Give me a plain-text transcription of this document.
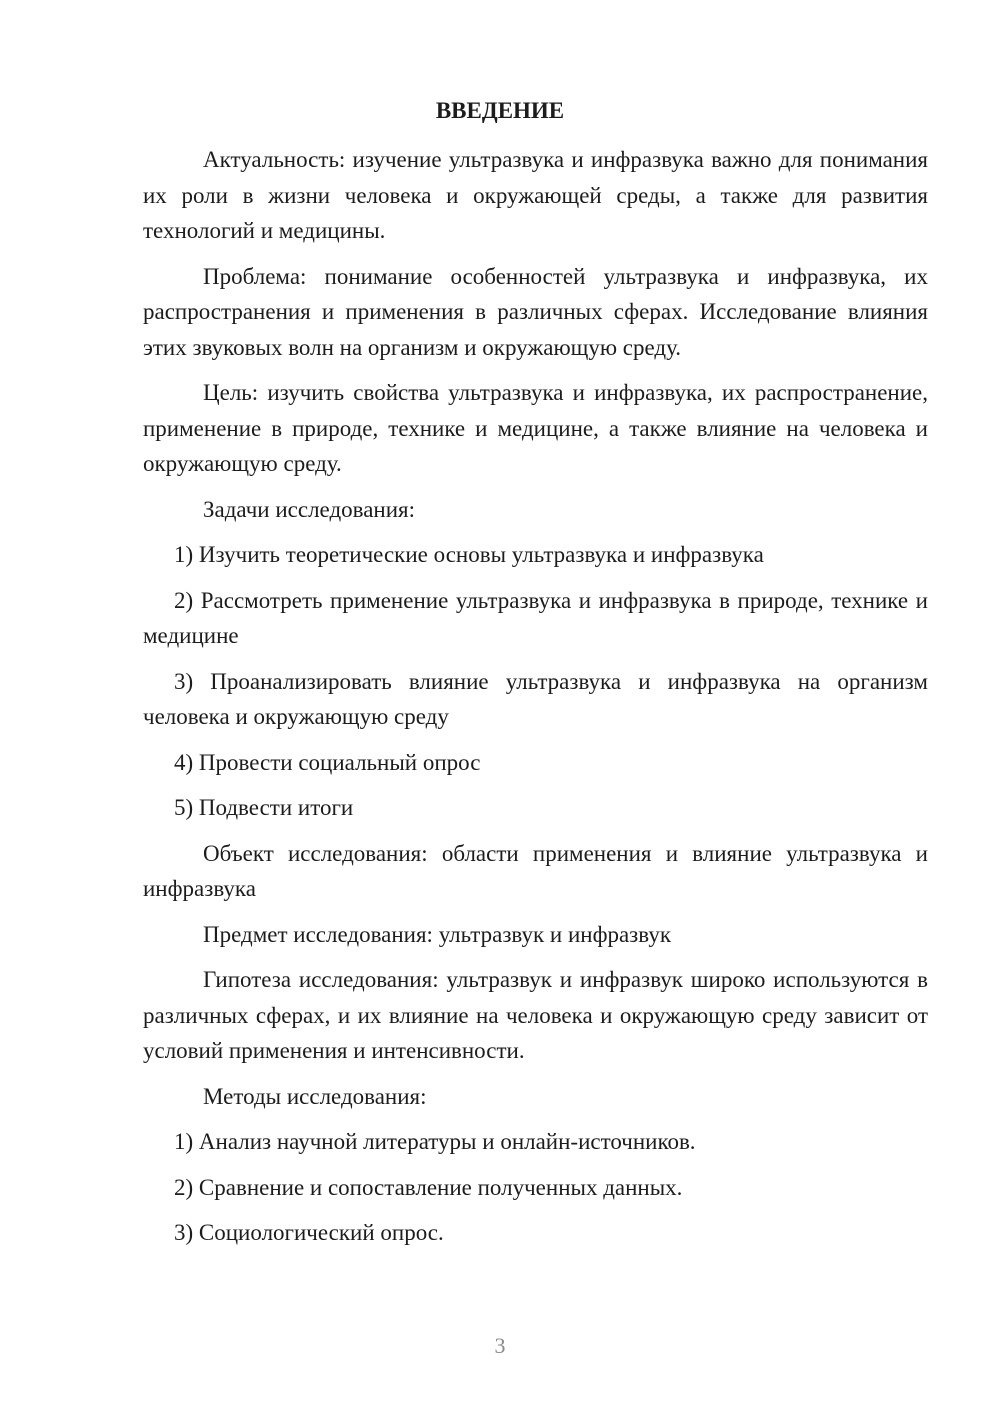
ВВЕДЕНИЕ

Актуальность: изучение ультразвука и инфразвука важно для понимания их роли в жизни человека и окружающей среды, а также для развития технологий и медицины.

Проблема: понимание особенностей ультразвука и инфразвука, их распространения и применения в различных сферах. Исследование влияния этих звуковых волн на организм и окружающую среду.

Цель: изучить свойства ультразвука и инфразвука, их распространение, применение в природе, технике и медицине, а также влияние на человека и окружающую среду.

Задачи исследования:

1) Изучить теоретические основы ультразвука и инфразвука

2) Рассмотреть применение ультразвука и инфразвука в природе, технике и медицине

3) Проанализировать влияние ультразвука и инфразвука на организм человека и окружающую среду

4) Провести социальный опрос

5) Подвести итоги

Объект исследования: области применения и влияние ультразвука и инфразвука

Предмет исследования: ультразвук и инфразвук

Гипотеза исследования: ультразвук и инфразвук широко используются в различных сферах, и их влияние на человека и окружающую среду зависит от условий применения и интенсивности.

Методы исследования:

1) Анализ научной литературы и онлайн-источников.

2) Сравнение и сопоставление полученных данных.

3) Социологический опрос.

3
